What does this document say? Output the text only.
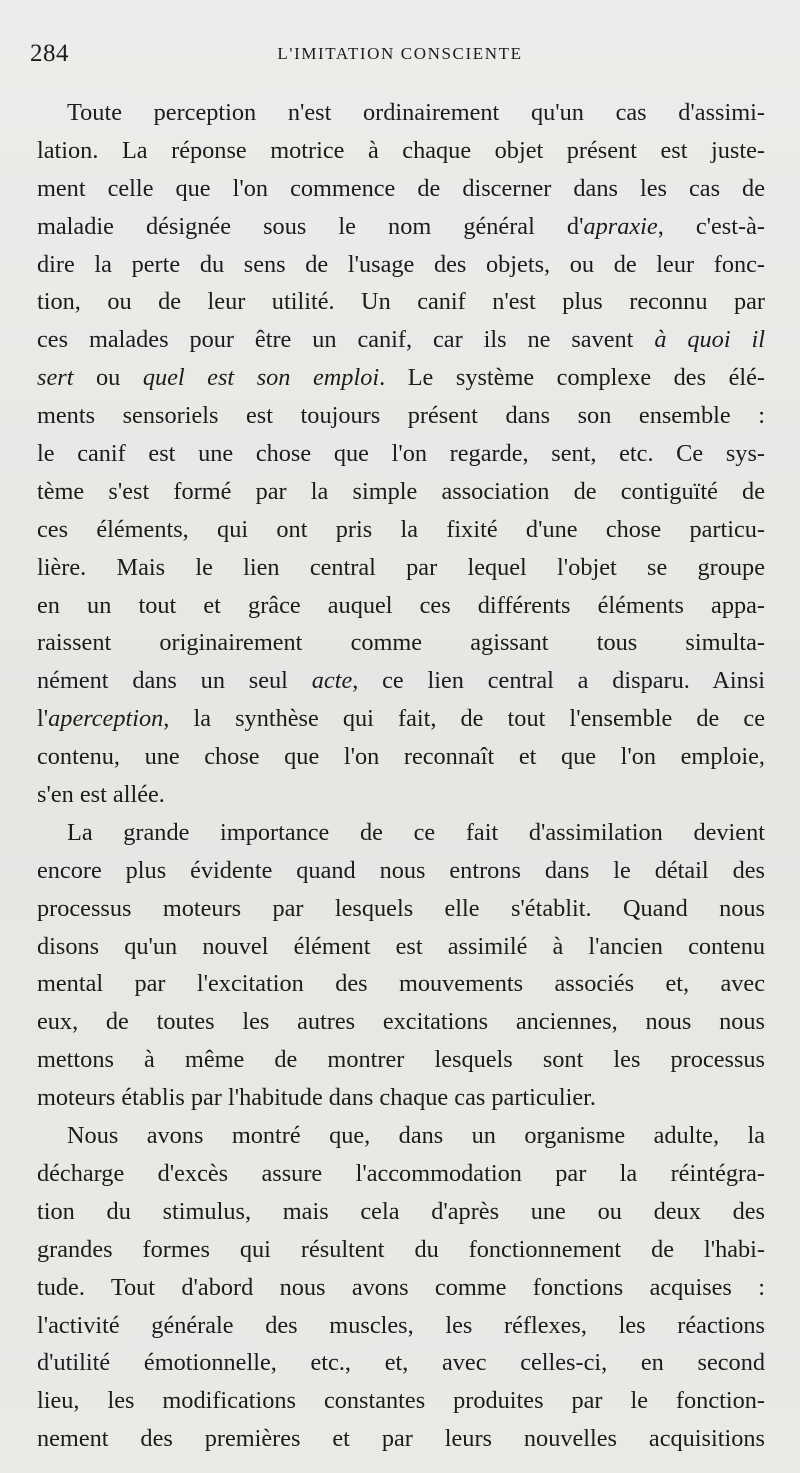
284	L'IMITATION CONSCIENTE
Toute perception n'est ordinairement qu'un cas d'assimi-
lation. La réponse motrice à chaque objet présent est juste-
ment celle que l'on commence de discerner dans les cas de
maladie désignée sous le nom général d'apraxie, c'est-à-
dire la perte du sens de l'usage des objets, ou de leur fonc-
tion, ou de leur utilité. Un canif n'est plus reconnu par
ces malades pour être un canif, car ils ne savent à quoi il
sert ou quel est son emploi. Le système complexe des élé-
ments sensoriels est toujours présent dans son ensemble :
le canif est une chose que l'on regarde, sent, etc. Ce sys-
tème s'est formé par la simple association de contiguïté de
ces éléments, qui ont pris la fixité d'une chose particu-
lière. Mais le lien central par lequel l'objet se groupe
en un tout et grâce auquel ces différents éléments appa-
raissent originairement comme agissant tous simulta-
nément dans un seul acte, ce lien central a disparu. Ainsi
l'aperception, la synthèse qui fait, de tout l'ensemble de ce
contenu, une chose que l'on reconnaît et que l'on emploie,
s'en est allée.
La grande importance de ce fait d'assimilation devient
encore plus évidente quand nous entrons dans le détail des
processus moteurs par lesquels elle s'établit. Quand nous
disons qu'un nouvel élément est assimilé à l'ancien contenu
mental par l'excitation des mouvements associés et, avec
eux, de toutes les autres excitations anciennes, nous nous
mettons à même de montrer lesquels sont les processus
moteurs établis par l'habitude dans chaque cas particulier.
Nous avons montré que, dans un organisme adulte, la
décharge d'excès assure l'accommodation par la réintégra-
tion du stimulus, mais cela d'après une ou deux des
grandes formes qui résultent du fonctionnement de l'habi-
tude. Tout d'abord nous avons comme fonctions acquises :
l'activité générale des muscles, les réflexes, les réactions
d'utilité émotionnelle, etc., et, avec celles-ci, en second
lieu, les modifications constantes produites par le fonction-
nement des premières et par leurs nouvelles acquisitions
